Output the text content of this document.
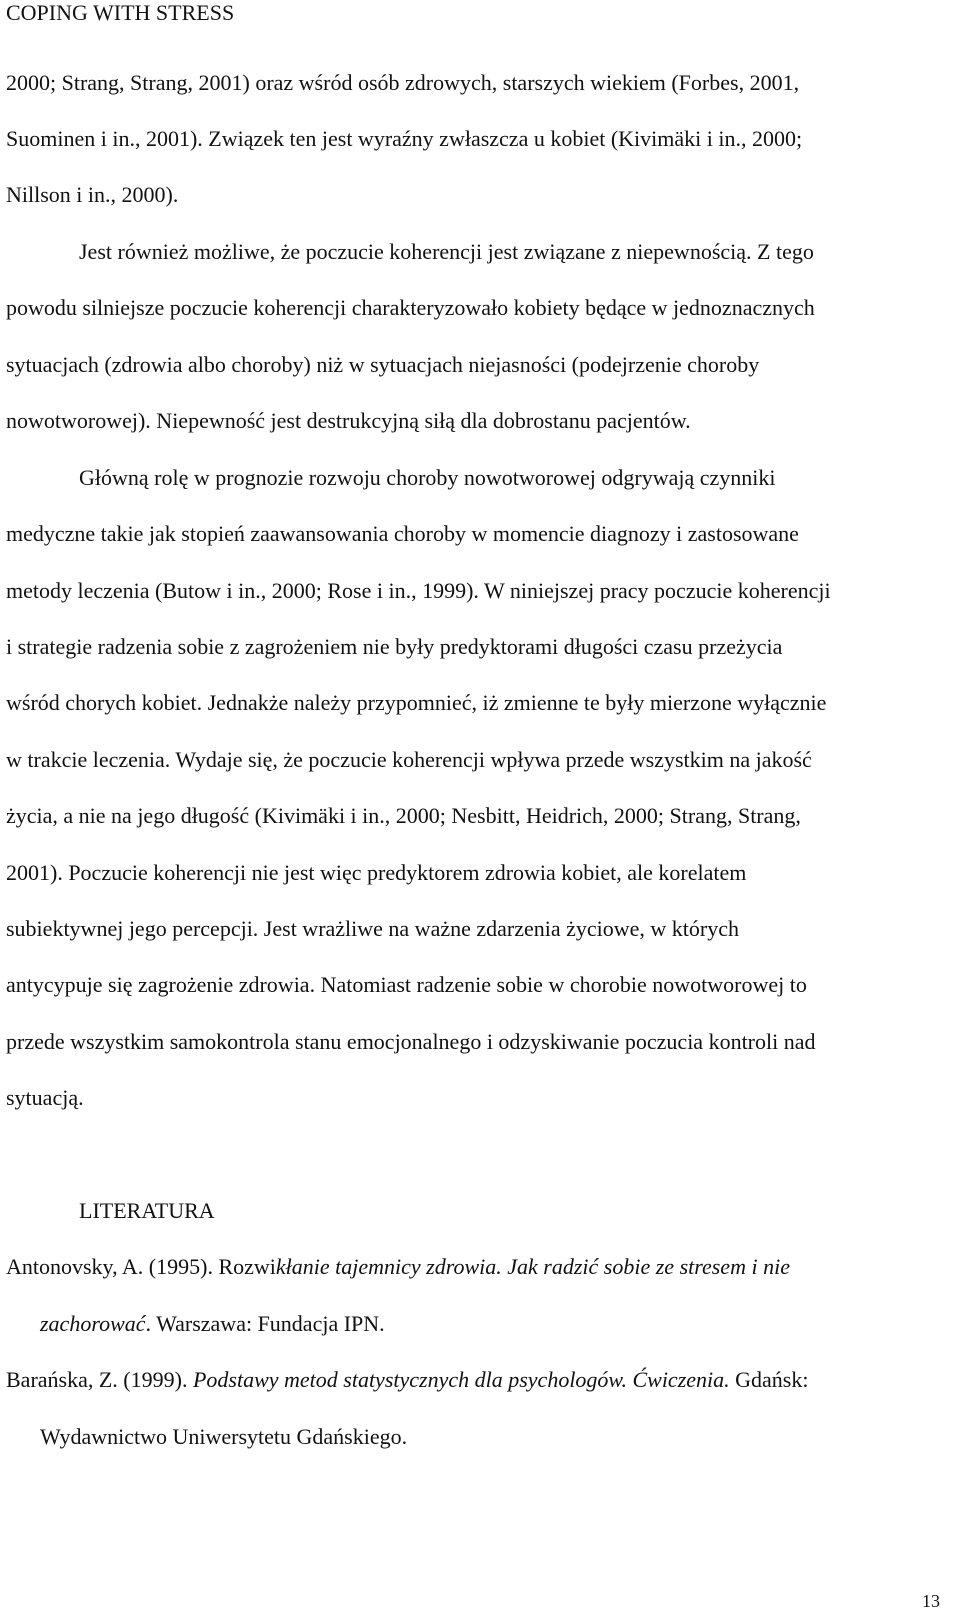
COPING WITH STRESS
2000; Strang, Strang, 2001) oraz wśród osób zdrowych, starszych wiekiem (Forbes, 2001,
Suominen i in., 2001). Związek ten jest wyraźny zwłaszcza u kobiet (Kivimäki i in., 2000;
Nillson i in., 2000).
Jest również możliwe, że poczucie koherencji jest związane z niepewnością. Z tego
powodu silniejsze poczucie koherencji charakteryzowało kobiety będące w jednoznacznych
sytuacjach (zdrowia albo choroby) niż w sytuacjach niejasności (podejrzenie choroby
nowotworowej). Niepewność jest destrukcyjną siłą dla dobrostanu pacjentów.
Główną rolę w prognozie rozwoju choroby nowotworowej odgrywają czynniki
medyczne takie jak stopień zaawansowania choroby w momencie diagnozy i zastosowane
metody leczenia (Butow i in., 2000; Rose i in., 1999). W niniejszej pracy poczucie koherencji
i strategie radzenia sobie z zagrożeniem nie były predyktorami długości czasu przeżycia
wśród chorych kobiet. Jednakże należy przypomnieć, iż zmienne te były mierzone wyłącznie
w trakcie leczenia. Wydaje się, że poczucie koherencji wpływa przede wszystkim na jakość
życia, a nie na jego długość (Kivimäki i in., 2000; Nesbitt, Heidrich, 2000; Strang, Strang,
2001). Poczucie koherencji nie jest więc predyktorem zdrowia kobiet, ale korelatem
subiektywnej jego percepcji. Jest wrażliwe na ważne zdarzenia życiowe, w których
antycypuje się zagrożenie zdrowia. Natomiast radzenie sobie w chorobie nowotworowej to
przede wszystkim samokontrola stanu emocjonalnego i odzyskiwanie poczucia kontroli nad
sytuacją.
LITERATURA
Antonovsky, A. (1995). Rozwikłanie tajemnicy zdrowia. Jak radzić sobie ze stresem i nie
zachorować. Warszawa: Fundacja IPN.
Barańska, Z. (1999). Podstawy metod statystycznych dla psychologów. Ćwiczenia. Gdańsk:
Wydawnictwo Uniwersytetu Gdańskiego.
13
